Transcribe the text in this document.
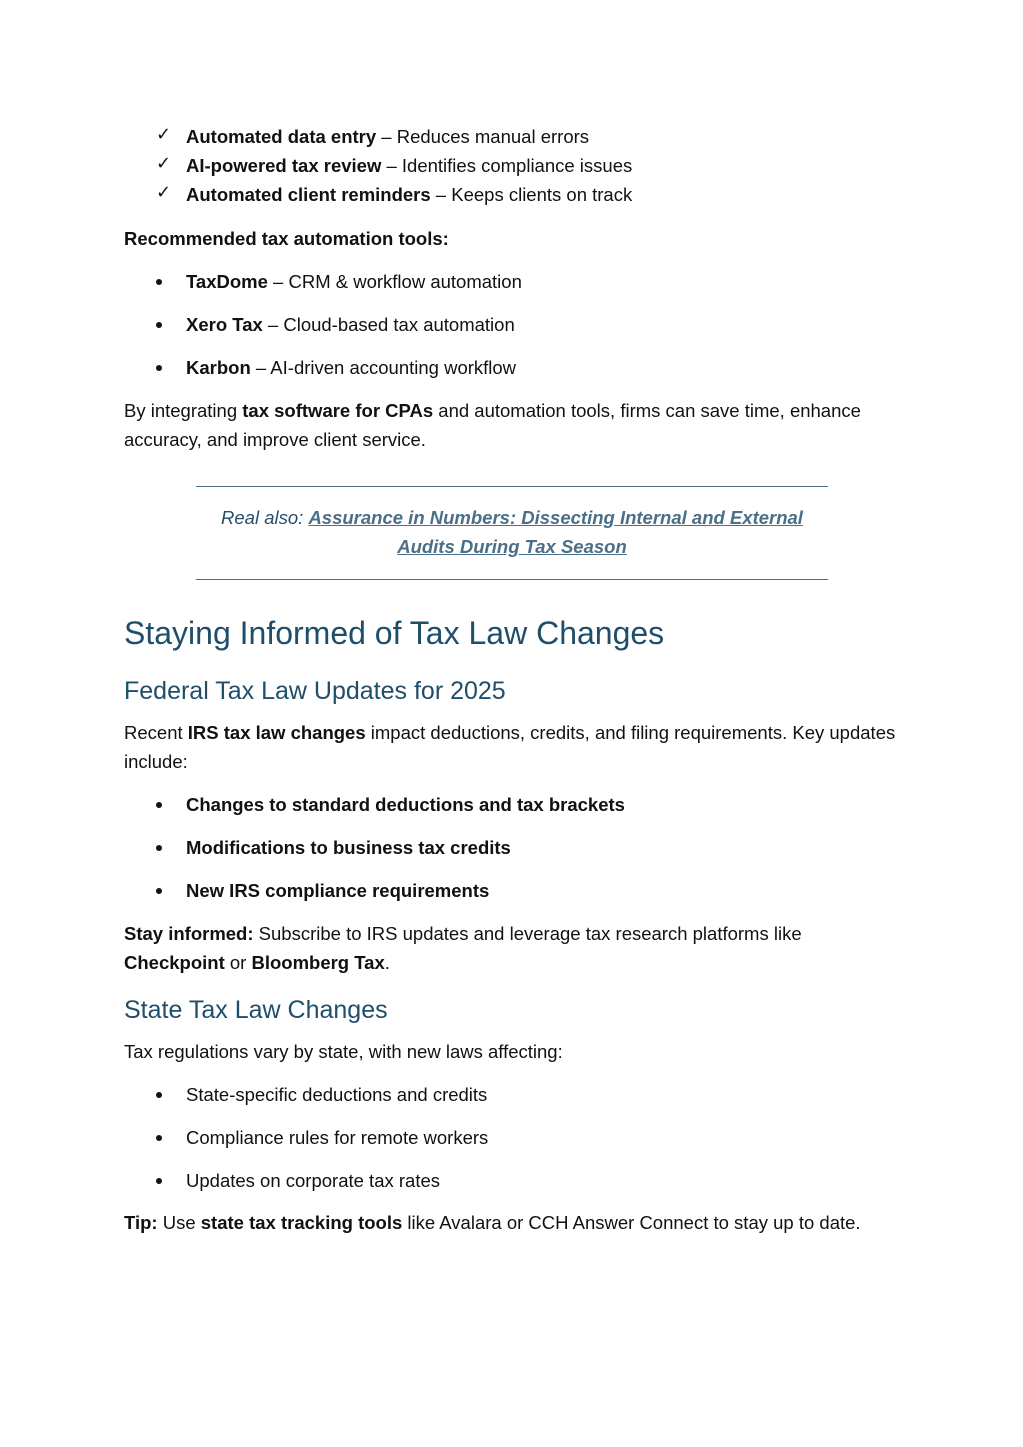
✓ Automated data entry – Reduces manual errors
✓ AI-powered tax review – Identifies compliance issues
✓ Automated client reminders – Keeps clients on track

Recommended tax automation tools:

TaxDome – CRM & workflow automation
Xero Tax – Cloud-based tax automation
Karbon – AI-driven accounting workflow

By integrating tax software for CPAs and automation tools, firms can save time, enhance accuracy, and improve client service.

Real also: Assurance in Numbers: Dissecting Internal and External Audits During Tax Season
Staying Informed of Tax Law Changes
Federal Tax Law Updates for 2025

Recent IRS tax law changes impact deductions, credits, and filing requirements. Key updates include:

Changes to standard deductions and tax brackets
Modifications to business tax credits
New IRS compliance requirements

Stay informed: Subscribe to IRS updates and leverage tax research platforms like Checkpoint or Bloomberg Tax.

State Tax Law Changes

Tax regulations vary by state, with new laws affecting:

State-specific deductions and credits
Compliance rules for remote workers
Updates on corporate tax rates

Tip: Use state tax tracking tools like Avalara or CCH Answer Connect to stay up to date.
